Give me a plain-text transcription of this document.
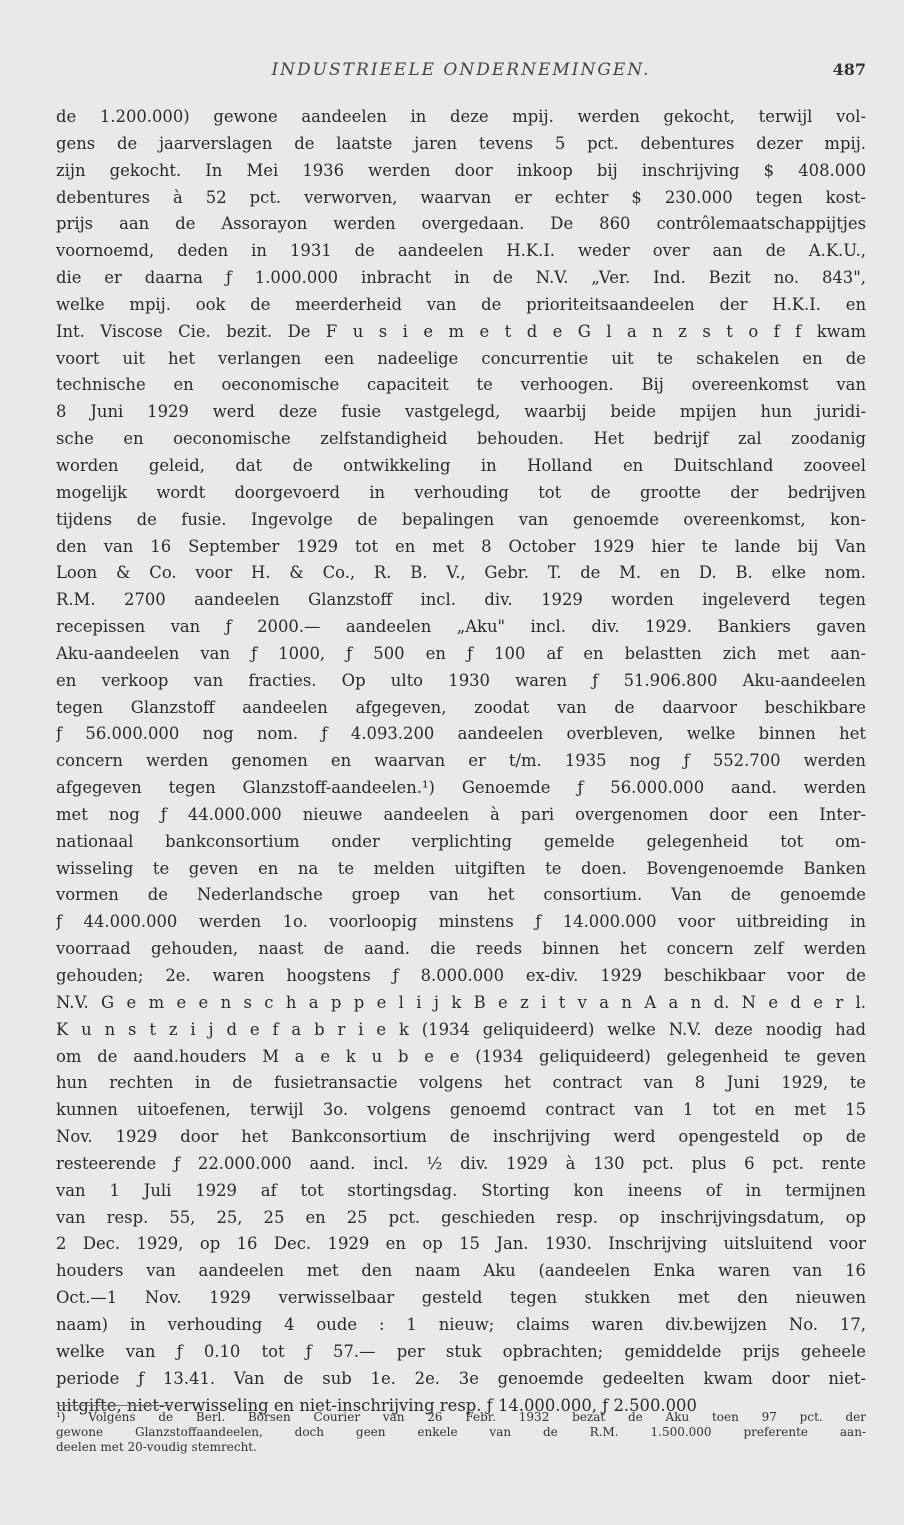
INDUSTRIEELE ONDERNEMINGEN.	487
de 1.200.000) gewone aandeelen in deze mpij. werden gekocht, terwijl vol-
gens de jaarverslagen de laatste jaren tevens 5 pct. debentures dezer mpij.
zijn gekocht. In Mei 1936 werden door inkoop bij inschrijving $ 408.000
debentures à 52 pct. verworven, waarvan er echter $ 230.000 tegen kost-
prijs aan de Assorayon werden overgedaan. De 860 contrôlemaatschappijtjes
voornoemd, deden in 1931 de aandeelen H.K.I. weder over aan de A.K.U.,
die er daarna ƒ 1.000.000 inbracht in de N.V. „Ver. Ind. Bezit no. 843",
welke mpij. ook de meerderheid van de prioriteitsaandeelen der H.K.I. en
Int. Viscose Cie. bezit. De F u s i e m e t d e G l a n z s t o f f kwam
voort uit het verlangen een nadeelige concurrentie uit te schakelen en de
technische en oeconomische capaciteit te verhoogen. Bij overeenkomst van
8 Juni 1929 werd deze fusie vastgelegd, waarbij beide mpijen hun juridi-
sche en oeconomische zelfstandigheid behouden. Het bedrijf zal zoodanig
worden geleid, dat de ontwikkeling in Holland en Duitschland zooveel
mogelijk wordt doorgevoerd in verhouding tot de grootte der bedrijven
tijdens de fusie. Ingevolge de bepalingen van genoemde overeenkomst, kon-
den van 16 September 1929 tot en met 8 October 1929 hier te lande bij Van
Loon & Co. voor H. & Co., R. B. V., Gebr. T. de M. en D. B. elke nom.
R.M. 2700 aandeelen Glanzstoff incl. div. 1929 worden ingeleverd tegen
recepissen van ƒ 2000.— aandeelen „Aku" incl. div. 1929. Bankiers gaven
Aku-aandeelen van ƒ 1000, ƒ 500 en ƒ 100 af en belastten zich met aan-
en verkoop van fracties. Op ulto 1930 waren ƒ 51.906.800 Aku-aandeelen
tegen Glanzstoff aandeelen afgegeven, zoodat van de daarvoor beschikbare
ƒ 56.000.000 nog nom. ƒ 4.093.200 aandeelen overbleven, welke binnen het
concern werden genomen en waarvan er t/m. 1935 nog ƒ 552.700 werden
afgegeven tegen Glanzstoff-aandeelen.¹) Genoemde ƒ 56.000.000 aand. werden
met nog ƒ 44.000.000 nieuwe aandeelen à pari overgenomen door een Inter-
nationaal bankconsortium onder verplichting gemelde gelegenheid tot om-
wisseling te geven en na te melden uitgiften te doen. Bovengenoemde Banken
vormen de Nederlandsche groep van het consortium. Van de genoemde
ƒ 44.000.000 werden 1o. voorloopig minstens ƒ 14.000.000 voor uitbreiding in
voorraad gehouden, naast de aand. die reeds binnen het concern zelf werden
gehouden; 2e. waren hoogstens ƒ 8.000.000 ex-div. 1929 beschikbaar voor de
N.V. G e m e e n s c h a p p e l i j k B e z i t v a n A a n d. N e d e r l.
K u n s t z i j d e f a b r i e k (1934 geliquideerd) welke N.V. deze noodig had
om de aand.houders M a e k u b e e (1934 geliquideerd) gelegenheid te geven
hun rechten in de fusietransactie volgens het contract van 8 Juni 1929, te
kunnen uitoefenen, terwijl 3o. volgens genoemd contract van 1 tot en met 15
Nov. 1929 door het Bankconsortium de inschrijving werd opengesteld op de
resteerende ƒ 22.000.000 aand. incl. ½ div. 1929 à 130 pct. plus 6 pct. rente
van 1 Juli 1929 af tot stortingsdag. Storting kon ineens of in termijnen
van resp. 55, 25, 25 en 25 pct. geschieden resp. op inschrijvingsdatum, op
2 Dec. 1929, op 16 Dec. 1929 en op 15 Jan. 1930. Inschrijving uitsluitend voor
houders van aandeelen met den naam Aku (aandeelen Enka waren van 16
Oct.—1 Nov. 1929 verwisselbaar gesteld tegen stukken met den nieuwen
naam) in verhouding 4 oude : 1 nieuw; claims waren div.bewijzen No. 17,
welke van ƒ 0.10 tot ƒ 57.— per stuk opbrachten; gemiddelde prijs geheele
periode ƒ 13.41. Van de sub 1e. 2e. 3e genoemde gedeelten kwam door niet-
uitgifte, niet-verwisseling en niet-inschrijving resp. ƒ 14.000.000, ƒ 2.500.000
¹) Volgens de Berl. Börsen Courier van 26 Febr. 1932 bezat de Aku toen 97 pct. der
gewone Glanzstoffaandeelen, doch geen enkele van de R.M. 1.500.000 preferente aan-
deelen met 20-voudig stemrecht.
